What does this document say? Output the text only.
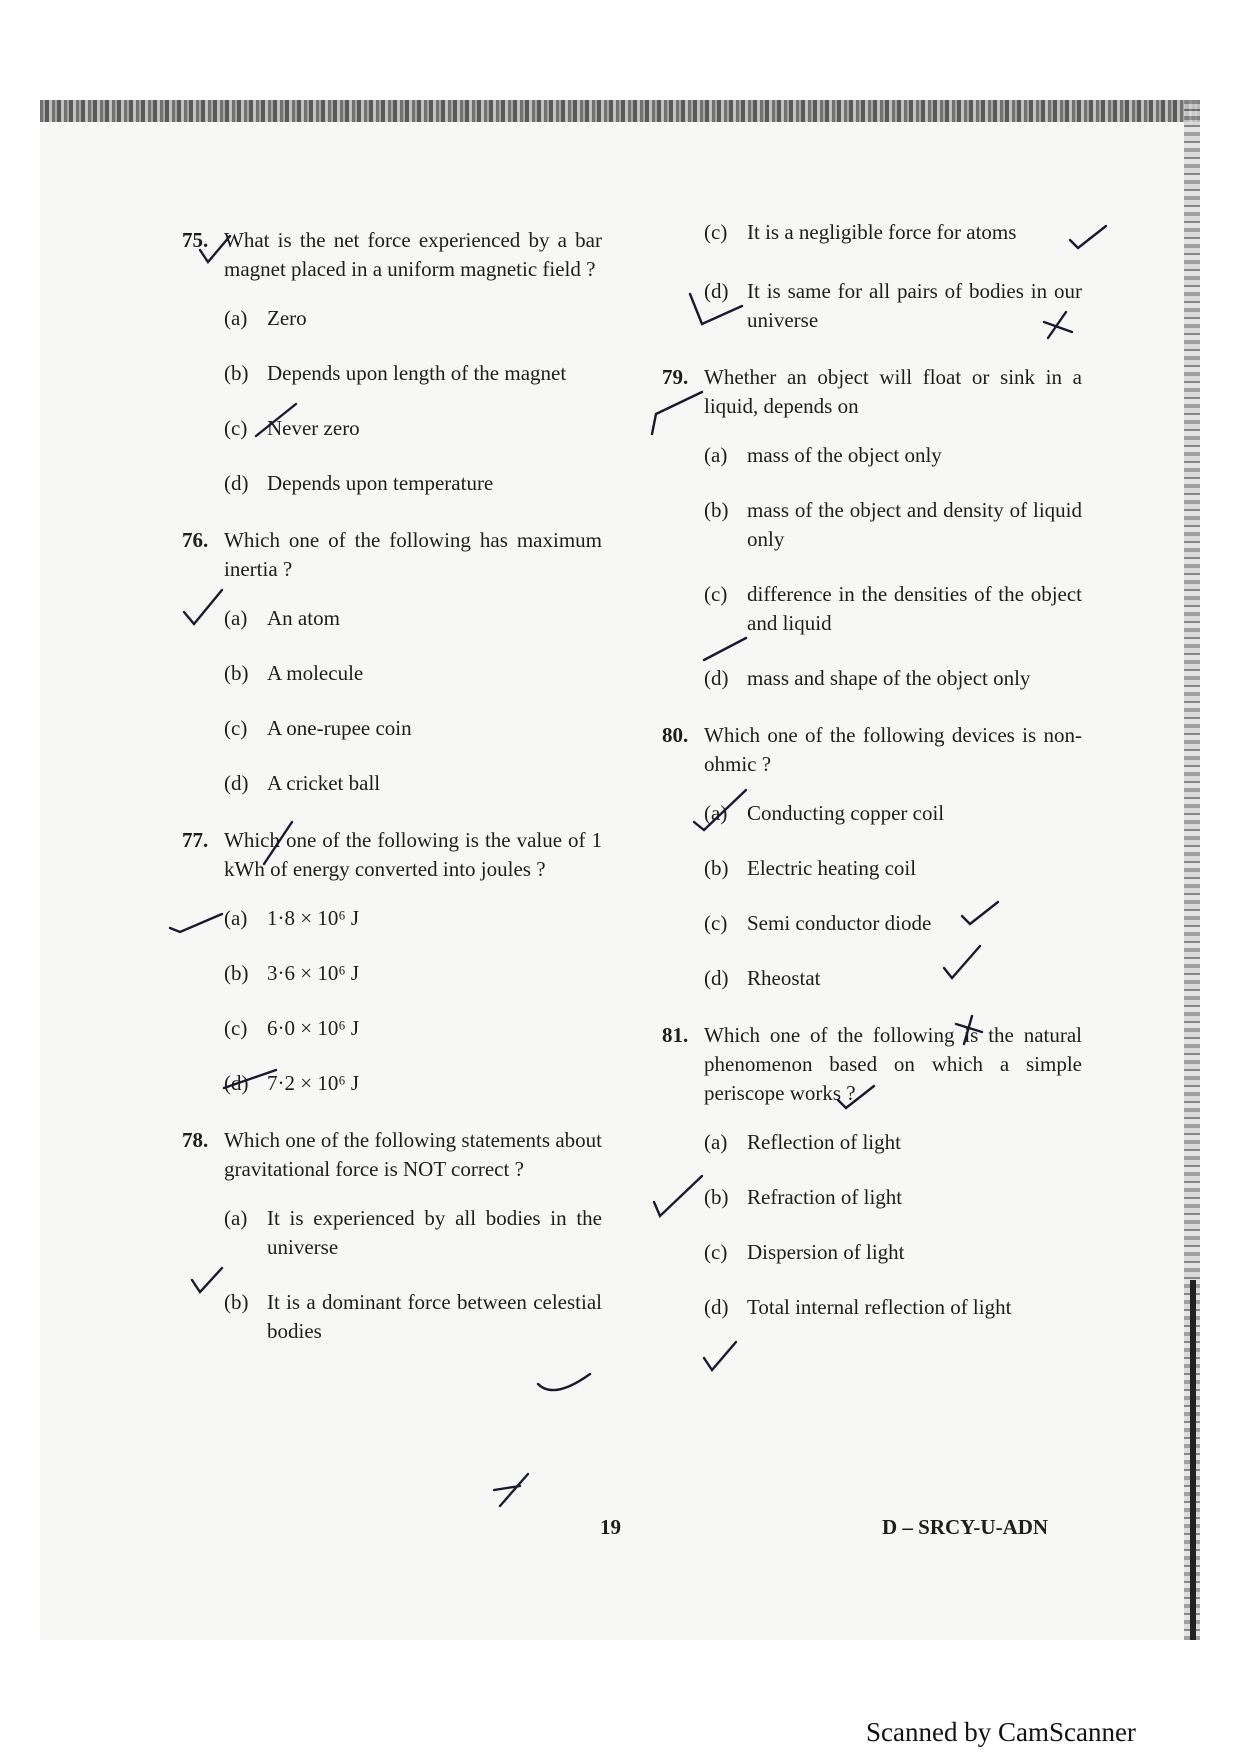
75. What is the net force experienced by a bar magnet placed in a uniform magnetic field ?
(a) Zero
(b) Depends upon length of the magnet
(c) Never zero
(d) Depends upon temperature
76. Which one of the following has maximum inertia ?
(a) An atom
(b) A molecule
(c) A one-rupee coin
(d) A cricket ball
77. Which one of the following is the value of 1 kWh of energy converted into joules ?
(a) 1·8 × 10⁶ J
(b) 3·6 × 10⁶ J
(c) 6·0 × 10⁶ J
(d) 7·2 × 10⁶ J
78. Which one of the following statements about gravitational force is NOT correct ?
(a) It is experienced by all bodies in the universe
(b) It is a dominant force between celestial bodies
(c) It is a negligible force for atoms
(d) It is same for all pairs of bodies in our universe
79. Whether an object will float or sink in a liquid, depends on
(a) mass of the object only
(b) mass of the object and density of liquid only
(c) difference in the densities of the object and liquid
(d) mass and shape of the object only
80. Which one of the following devices is non-ohmic ?
(a) Conducting copper coil
(b) Electric heating coil
(c) Semi conductor diode
(d) Rheostat
81. Which one of the following is the natural phenomenon based on which a simple periscope works ?
(a) Reflection of light
(b) Refraction of light
(c) Dispersion of light
(d) Total internal reflection of light
19	D – SRCY-U-ADN
Scanned by CamScanner
